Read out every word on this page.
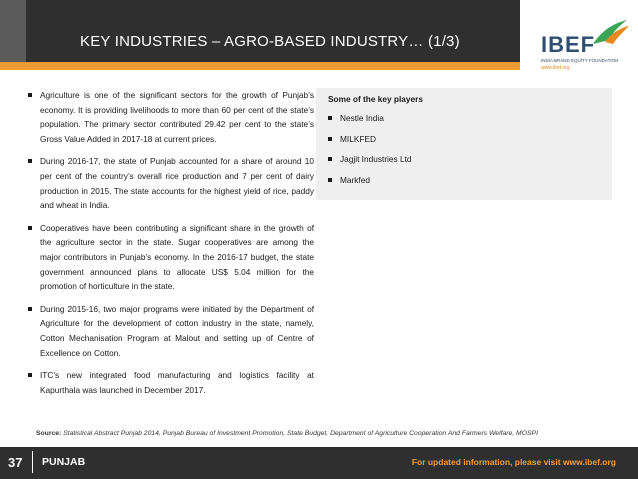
KEY INDUSTRIES – AGRO-BASED INDUSTRY… (1/3)	IBEF
INDIA BRAND EQUITY FOUNDATION
www.ibef.org
Agriculture is one of the significant sectors for the growth of Punjab’s economy. It is providing livelihoods to more than 60 per cent of the state’s population. The primary sector contributed 29.42 per cent to the state’s Gross Value Added in 2017-18 at current prices.
During 2016-17, the state of Punjab accounted for a share of around 10 per cent of the country’s overall rice production and 7 per cent of dairy production in 2015. The state accounts for the highest yield of rice, paddy and wheat in India.
Cooperatives have been contributing a significant share in the growth of the agriculture sector in the state. Sugar cooperatives are among the major contributors in Punjab’s economy. In the 2016-17 budget, the state government announced plans to allocate US$ 5.04 million for the promotion of horticulture in the state.
During 2015-16, two major programs were initiated by the Department of Agriculture for the development of cotton industry in the state, namely, Cotton Mechanisation Program at Malout and setting up of Centre of Excellence on Cotton.
ITC’s new integrated food manufacturing and logistics facility at Kapurthala was launched in December 2017.
Some of the key players
Nestle India
MILKFED
Jagjit Industries Ltd
Markfed
Source: Statistical Abstract Punjab 2014, Punjab Bureau of Investment Promotion, State Budget, Department of Agriculture Cooperation And Farmers Welfare, MOSPI
37 PUNJAB	For updated information, please visit www.ibef.org
